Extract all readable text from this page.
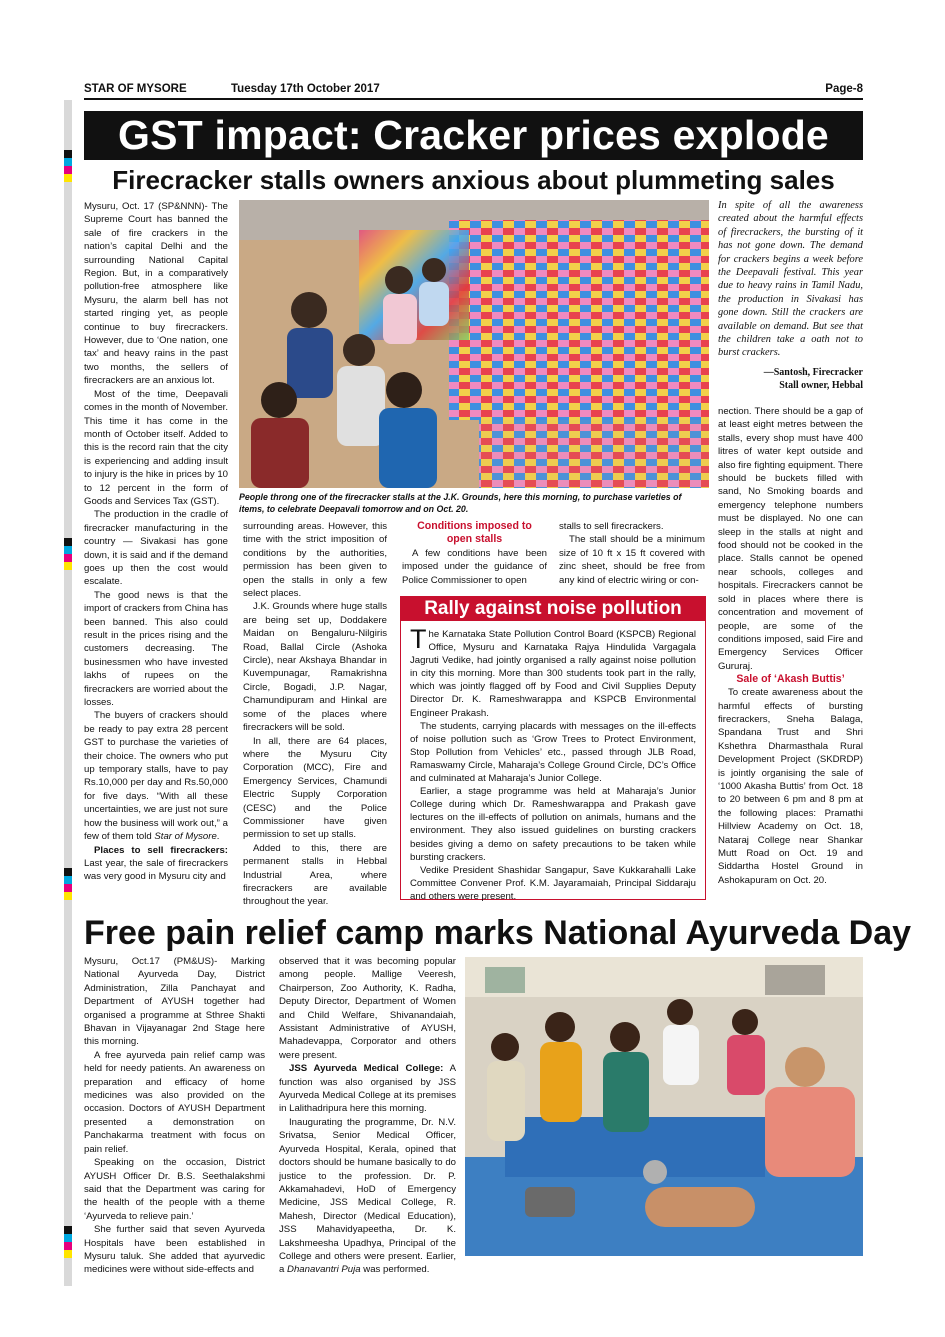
STAR OF MYSORE	Tuesday 17th October 2017	Page-8
GST impact: Cracker prices explode
Firecracker stalls owners anxious about plummeting sales

Mysuru, Oct. 17 (SP&NNN)- The Supreme Court has banned the sale of fire crackers in the nation’s capital Delhi and the surrounding National Capital Region. But, in a comparatively pollution-free atmosphere like Mysuru, the alarm bell has not started ringing yet, as people continue to buy firecrackers. However, due to ‘One nation, one tax’ and heavy rains in the past two months, the sellers of firecrackers are an anxious lot.

Most of the time, Deepavali comes in the month of November. This time it has come in the month of October itself. Added to this is the record rain that the city is experiencing and adding insult to injury is the hike in prices by 10 to 12 percent in the form of Goods and Services Tax (GST).

The production in the cradle of firecracker manufacturing in the country — Sivakasi has gone down, it is said and if the demand goes up then the cost would escalate.

The good news is that the import of crackers from China has been banned. This also could result in the prices rising and the customers decreasing. The businessmen who have invested lakhs of rupees on the firecrackers are worried about the losses.

The buyers of crackers should be ready to pay extra 28 percent GST to purchase the varieties of their choice. The owners who put up temporary stalls, have to pay Rs.10,000 per day and Rs.50,000 for five days. “With all these uncertainties, we are just not sure how the business will work out,” a few of them told Star of Mysore.

Places to sell firecrackers: Last year, the sale of firecrackers was very good in Mysuru city and

People throng one of the firecracker stalls at the J.K. Grounds, here this morning, to purchase varieties of items, to celebrate Deepavali tomorrow and on Oct. 20.

surrounding areas. However, this time with the strict imposition of conditions by the authorities, permission has been given to open the stalls in only a few select places.

J.K. Grounds where huge stalls are being set up, Doddakere Maidan on Bengaluru-Nilgiris Road, Ballal Circle (Ashoka Circle), near Akshaya Bhandar in Kuvempunagar, Ramakrishna Circle, Bogadi, J.P. Nagar, Chamundipuram and Hinkal are some of the places where firecrackers will be sold.

In all, there are 64 places, where the Mysuru City Corporation (MCC), Fire and Emergency Services, Chamundi Electric Supply Corporation (CESC) and the Police Commissioner have given permission to set up stalls.

Added to this, there are permanent stalls in Hebbal Industrial Area, where firecrackers are available throughout the year.

Conditions imposed to open stalls

A few conditions have been imposed under the guidance of Police Commissioner to open

stalls to sell firecrackers.

The stall should be a minimum size of 10 ft x 15 ft covered with zinc sheet, should be free from any kind of electric wiring or con-

In spite of all the awareness created about the harmful effects of firecrackers, the bursting of it has not gone down. The demand for crackers begins a week before the Deepavali festival. This year due to heavy rains in Tamil Nadu, the production in Sivakasi has gone down. Still the crackers are available on demand. But see that the children take a oath not to burst crackers.
—Santosh, Firecracker
Stall owner, Hebbal

nection. There should be a gap of at least eight metres between the stalls, every shop must have 400 litres of water kept outside and also fire fighting equipment. There should be buckets filled with sand, No Smoking boards and emergency telephone numbers must be displayed. No one can sleep in the stalls at night and food should not be cooked in the place. Stalls cannot be opened near schools, colleges and hospitals. Firecrackers cannot be sold in places where there is concentration and movement of people, are some of the conditions imposed, said Fire and Emergency Services Officer Gururaj.

Sale of ‘Akash Buttis’

To create awareness about the harmful effects of bursting firecrackers, Sneha Balaga, Spandana Trust and Shri Kshethra Dharmasthala Rural Development Project (SKDRDP) is jointly organising the sale of ‘1000 Akasha Buttis’ from Oct. 18 to 20 between 6 pm and 8 pm at the following places: Pramathi Hillview Academy on Oct. 18, Nataraj College near Shankar Mutt Road on Oct. 19 and Siddartha Hostel Ground in Ashokapuram on Oct. 20.

Rally against noise pollution

The Karnataka State Pollution Control Board (KSPCB) Regional Office, Mysuru and Karnataka Rajya Hindulida Vargagala Jagruti Vedike, had jointly organised a rally against noise pollution in city this morning. More than 300 students took part in the rally, which was jointly flagged off by Food and Civil Supplies Deputy Director Dr. K. Rameshwarappa and KSPCB Environmental Engineer Prakash.

The students, carrying placards with messages on the ill-effects of noise pollution such as ‘Grow Trees to Protect Environment, Stop Pollution from Vehicles’ etc., passed through JLB Road, Ramaswamy Circle, Maharaja’s College Ground Circle, DC’s Office and culminated at Maharaja’s Junior College.

Earlier, a stage programme was held at Maharaja’s Junior College during which Dr. Rameshwarappa and Prakash gave lectures on the ill-effects of pollution on animals, humans and the environment. They also issued guidelines on bursting crackers besides giving a demo on safety precautions to be taken while bursting crackers.

Vedike President Shashidar Sangapur, Save Kukkarahalli Lake Committee Convener Prof. K.M. Jayaramaiah, Principal Siddaraju and others were present.

Free pain relief camp marks National Ayurveda Day

Mysuru, Oct.17 (PM&US)- Marking National Ayurveda Day, District Administration, Zilla Panchayat and Department of AYUSH together had organised a programme at Sthree Shakti Bhavan in Vijayanagar 2nd Stage here this morning.

A free ayurveda pain relief camp was held for needy patients. An awareness on preparation and efficacy of home medicines was also provided on the occasion. Doctors of AYUSH Department presented a demonstration on Panchakarma treatment with focus on pain relief.

Speaking on the occasion, District AYUSH Officer Dr. B.S. Seethalakshmi said that the Department was caring for the health of the people with a theme ‘Ayurveda to relieve pain.’

She further said that seven Ayurveda Hospitals have been established in Mysuru taluk. She added that ayurvedic medicines were without side-effects and

observed that it was becoming popular among people. Mallige Veeresh, Chairperson, Zoo Authority, K. Radha, Deputy Director, Department of Women and Child Welfare, Shivanandaiah, Assistant Administrative of AYUSH, Mahadevappa, Corporator and others were present.

JSS Ayurveda Medical College: A function was also organised by JSS Ayurveda Medical College at its premises in Lalithadripura here this morning.

Inaugurating the programme, Dr. N.V. Srivatsa, Senior Medical Officer, Ayurveda Hospital, Kerala, opined that doctors should be humane basically to do justice to the profession. Dr. P. Akkamahadevi, HoD of Emergency Medicine, JSS Medical College, R. Mahesh, Director (Medical Education), JSS Mahavidyapeetha, Dr. K. Lakshmeesha Upadhya, Principal of the College and others were present. Earlier, a Dhanavantri Puja was performed.
